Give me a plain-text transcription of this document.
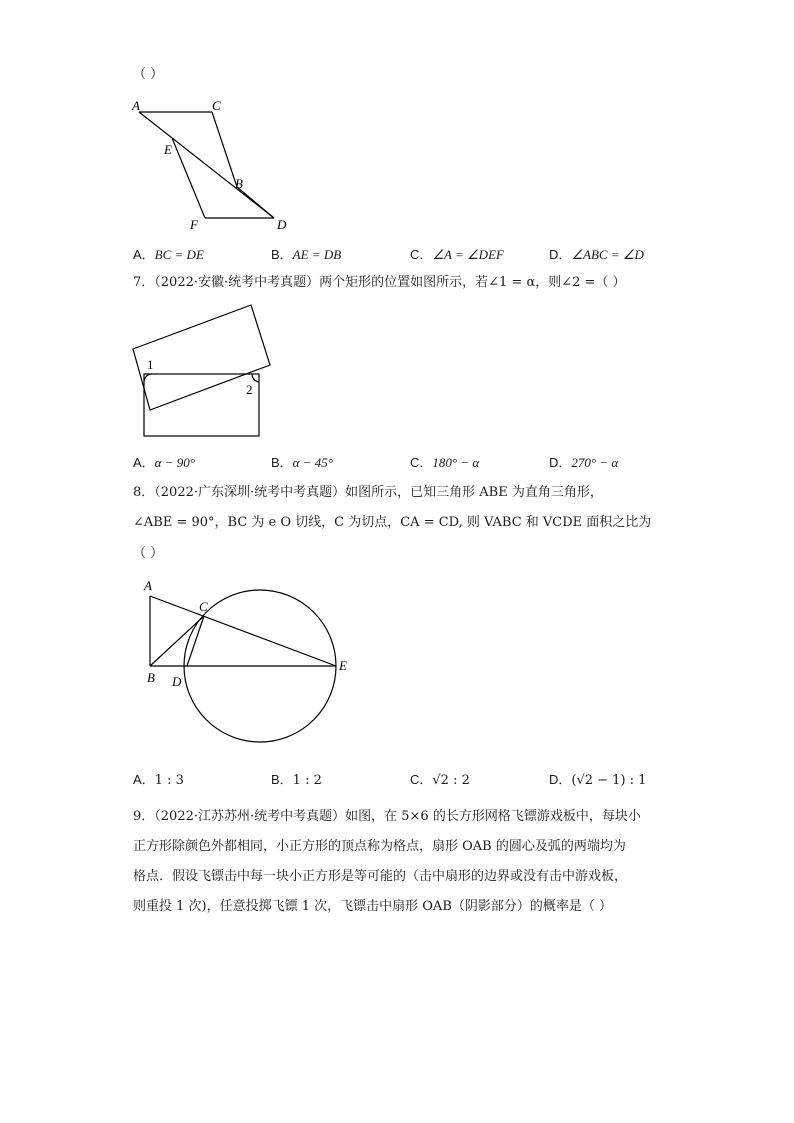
（ ）
A	C
E
B
F	D
A．BC = DE	B．AE = DB	C．∠A = ∠DEF	D．∠ABC = ∠D
7．（2022·安徽·统考中考真题）两个矩形的位置如图所示，若∠1 = α，则∠2 =（ ）
1
2
A．α − 90°	B．α − 45°	C．180° − α	D．270° − α
8．（2022·广东深圳·统考中考真题）如图所示，已知三角形 ABE 为直角三角形，
∠ABE = 90°，BC 为 e O 切线，C 为切点，CA = CD, 则 VABC 和 VCDE 面积之比为
（ ）
A
C
B D
E
A．1 : 3	B．1 : 2	C．√2 : 2	D．(√2 − 1) : 1
9．（2022·江苏苏州·统考中考真题）如图，在 5×6 的长方形网格飞镖游戏板中，每块小
正方形除颜色外都相同，小正方形的顶点称为格点，扇形 OAB 的圆心及弧的两端均为
格点．假设飞镖击中每一块小正方形是等可能的（击中扇形的边界或没有击中游戏板，
则重投 1 次)，任意投掷飞镖 1 次，飞镖击中扇形 OAB（阴影部分）的概率是（ ）
